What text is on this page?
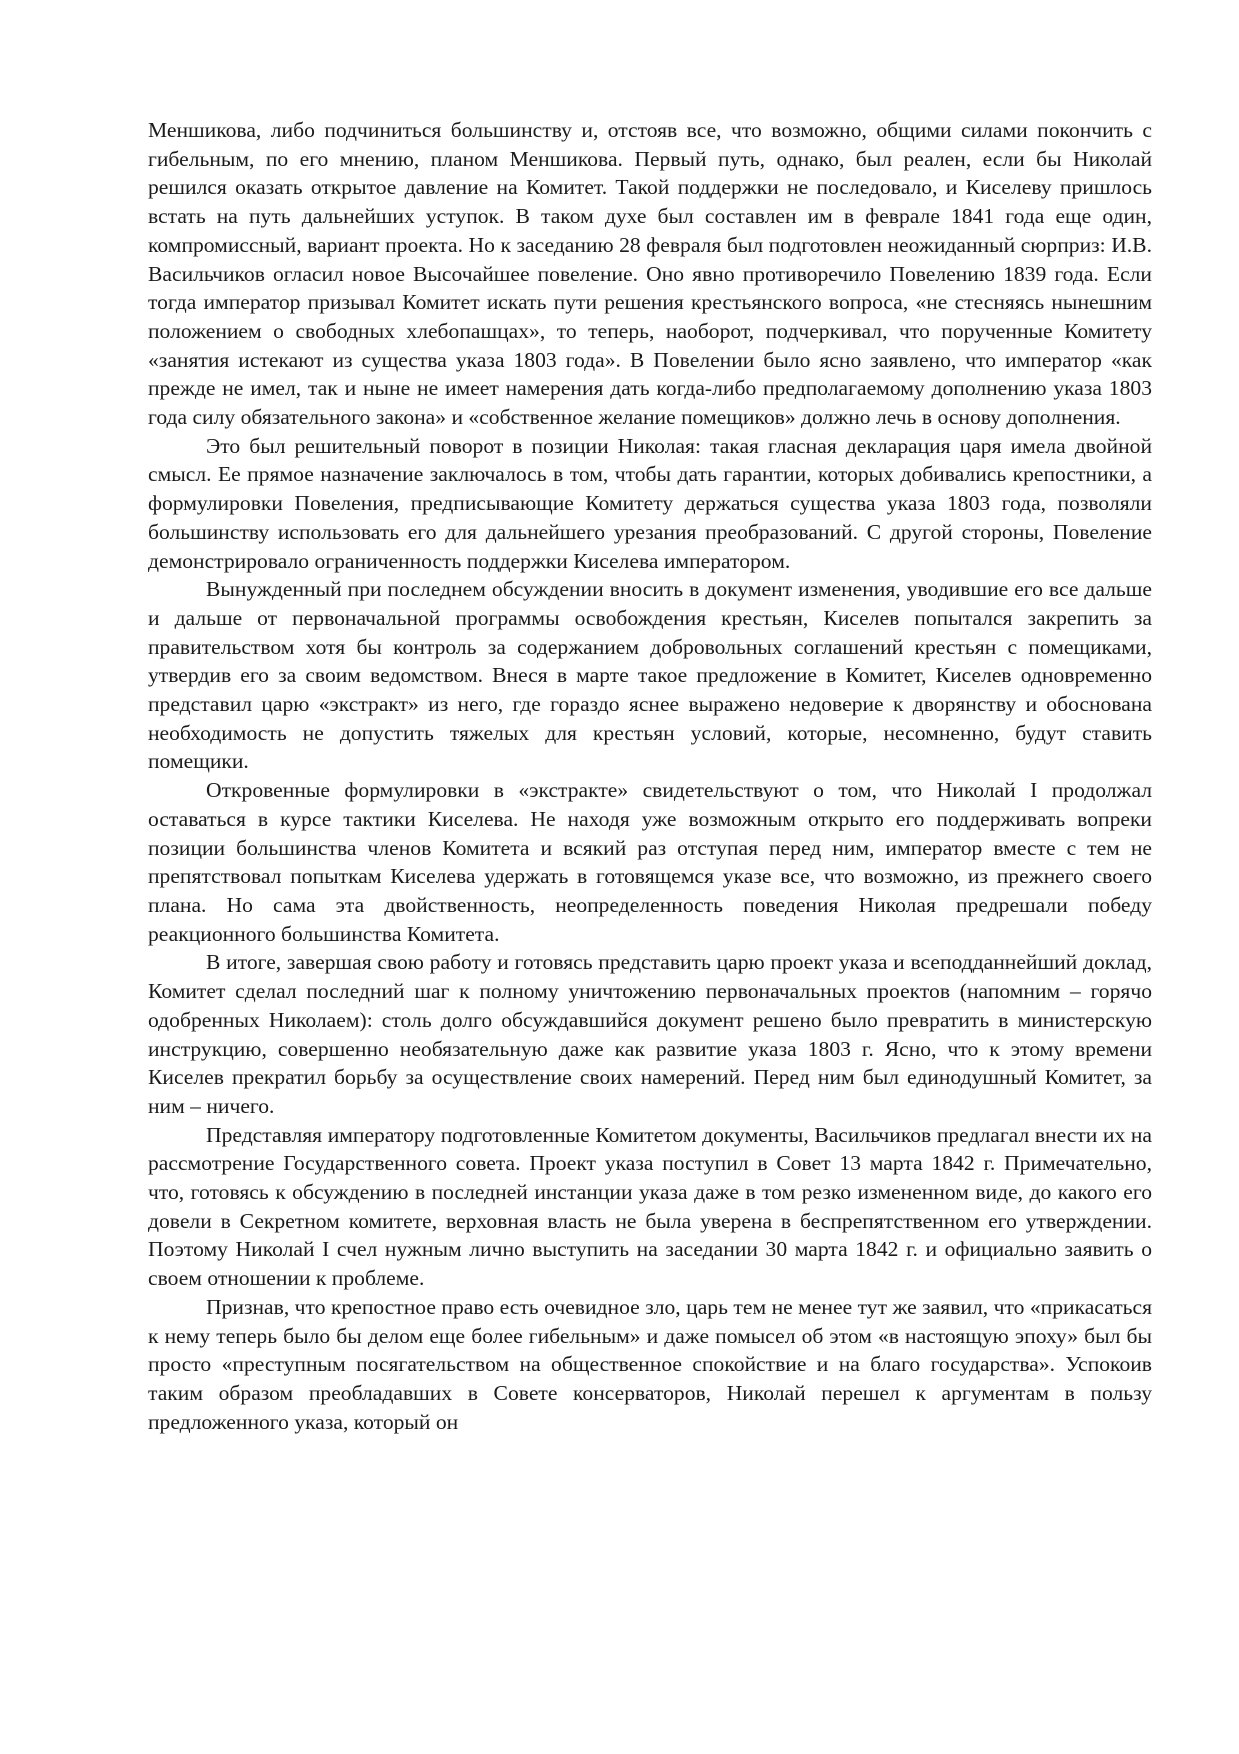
Меншикова, либо подчиниться большинству и, отстояв все, что возможно, общими силами покончить с гибельным, по его мнению, планом Меншикова. Первый путь, однако, был реален, если бы Николай решился оказать открытое давление на Комитет. Такой поддержки не последовало, и Киселеву пришлось встать на путь дальнейших уступок. В таком духе был составлен им в феврале 1841 года еще один, компромиссный, вариант проекта. Но к заседанию 28 февраля был подготовлен неожиданный сюрприз: И.В. Васильчиков огласил новое Высочайшее повеление. Оно явно противоречило Повелению 1839 года. Если тогда император призывал Комитет искать пути решения крестьянского вопроса, «не стесняясь нынешним положением о свободных хлебопашцах», то теперь, наоборот, подчеркивал, что порученные Комитету «занятия истекают из существа указа 1803 года». В Повелении было ясно заявлено, что император «как прежде не имел, так и ныне не имеет намерения дать когда-либо предполагаемому дополнению указа 1803 года силу обязательного закона» и «собственное желание помещиков» должно лечь в основу дополнения.

Это был решительный поворот в позиции Николая: такая гласная декларация царя имела двойной смысл. Ее прямое назначение заключалось в том, чтобы дать гарантии, которых добивались крепостники, а формулировки Повеления, предписывающие Комитету держаться существа указа 1803 года, позволяли большинству использовать его для дальнейшего урезания преобразований. С другой стороны, Повеление демонстрировало ограниченность поддержки Киселева императором.

Вынужденный при последнем обсуждении вносить в документ изменения, уводившие его все дальше и дальше от первоначальной программы освобождения крестьян, Киселев попытался закрепить за правительством хотя бы контроль за содержанием добровольных соглашений крестьян с помещиками, утвердив его за своим ведомством. Внеся в марте такое предложение в Комитет, Киселев одновременно представил царю «экстракт» из него, где гораздо яснее выражено недоверие к дворянству и обоснована необходимость не допустить тяжелых для крестьян условий, которые, несомненно, будут ставить помещики.

Откровенные формулировки в «экстракте» свидетельствуют о том, что Николай I продолжал оставаться в курсе тактики Киселева. Не находя уже возможным открыто его поддерживать вопреки позиции большинства членов Комитета и всякий раз отступая перед ним, император вместе с тем не препятствовал попыткам Киселева удержать в готовящемся указе все, что возможно, из прежнего своего плана. Но сама эта двойственность, неопределенность поведения Николая предрешали победу реакционного большинства Комитета.

В итоге, завершая свою работу и готовясь представить царю проект указа и всеподданнейший доклад, Комитет сделал последний шаг к полному уничтожению первоначальных проектов (напомним – горячо одобренных Николаем): столь долго обсуждавшийся документ решено было превратить в министерскую инструкцию, совершенно необязательную даже как развитие указа 1803 г. Ясно, что к этому времени Киселев прекратил борьбу за осуществление своих намерений. Перед ним был единодушный Комитет, за ним – ничего.

Представляя императору подготовленные Комитетом документы, Васильчиков предлагал внести их на рассмотрение Государственного совета. Проект указа поступил в Совет 13 марта 1842 г. Примечательно, что, готовясь к обсуждению в последней инстанции указа даже в том резко измененном виде, до какого его довели в Секретном комитете, верховная власть не была уверена в беспрепятственном его утверждении. Поэтому Николай I счел нужным лично выступить на заседании 30 марта 1842 г. и официально заявить о своем отношении к проблеме.

Признав, что крепостное право есть очевидное зло, царь тем не менее тут же заявил, что «прикасаться к нему теперь было бы делом еще более гибельным» и даже помысел об этом «в настоящую эпоху» был бы просто «преступным посягательством на общественное спокойствие и на благо государства». Успокоив таким образом преобладавших в Совете консерваторов, Николай перешел к аргументам в пользу предложенного указа, который он
